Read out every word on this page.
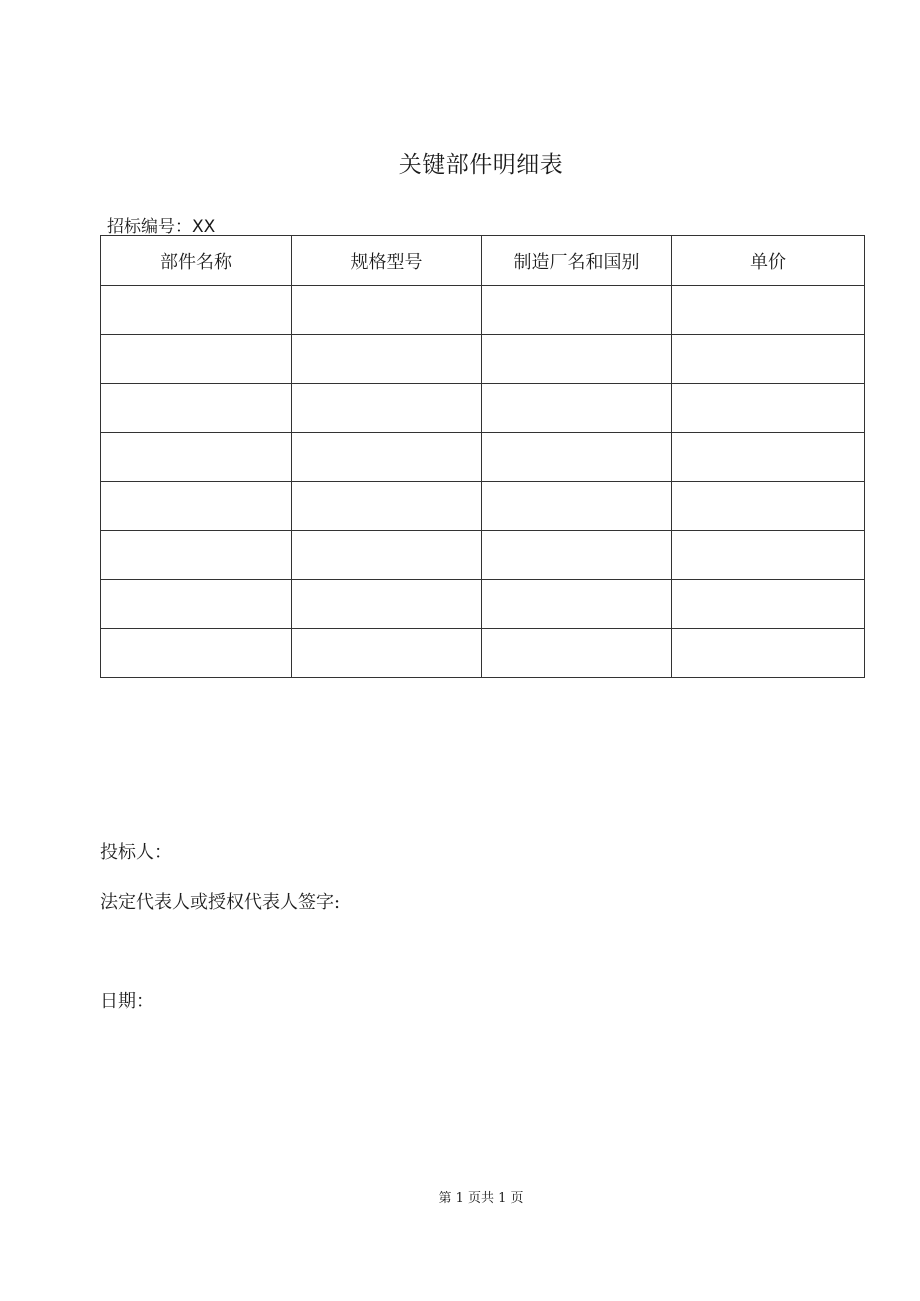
关键部件明细表
招标编号：XX
部件名称	规格型号	制造厂名和国别	单价

投标人：
法定代表人或授权代表人签字:
日期：
第 1 页共 1 页
